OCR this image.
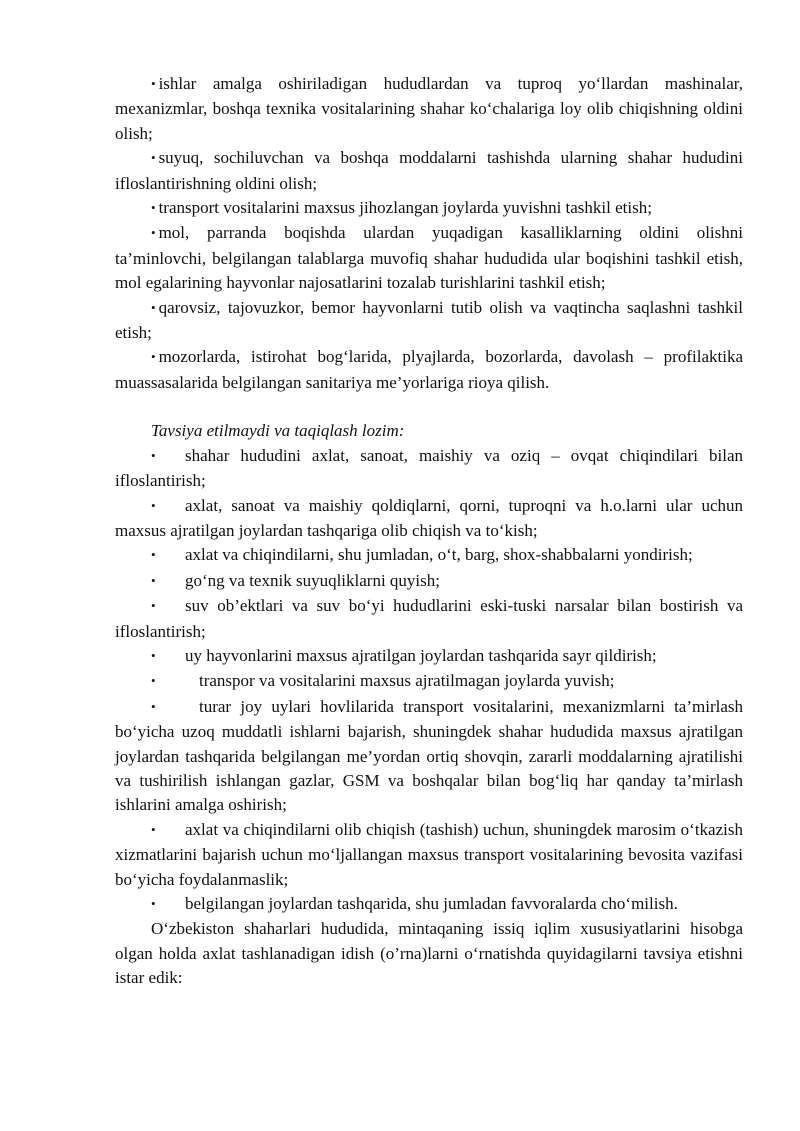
• ishlar amalga oshiriladigan hududlardan va tuproq yo‘llardan mashinalar, mexanizmlar, boshqa texnika vositalarining shahar ko‘chalariga loy olib chiqishning oldini olish;

• suyuq, sochiluvchan va boshqa moddalarni tashishda ularning shahar hududini ifloslantirishning oldini olish;

• transport vositalarini maxsus jihozlangan joylarda yuvishni tashkil etish;

• mol, parranda boqishda ulardan yuqadigan kasalliklarning oldini olishni ta’minlovchi, belgilangan talablarga muvofiq shahar hududida ular boqishini tashkil etish, mol egalarining hayvonlar najosatlarini tozalab turishlarini tashkil etish;

• qarovsiz, tajovuzkor, bemor hayvonlarni tutib olish va vaqtincha saqlashni tashkil etish;

• mozorlarda, istirohat bog‘larida, plyajlarda, bozorlarda, davolash – profilaktika muassasalarida belgilangan sanitariya me’yorlariga rioya qilish.

Tavsiya etilmaydi va taqiqlash lozim:

• shahar hududini axlat, sanoat, maishiy va oziq – ovqat chiqindilari bilan ifloslantirish;

• axlat, sanoat va maishiy qoldiqlarni, qorni, tuproqni va h.o.larni ular uchun maxsus ajratilgan joylardan tashqariga olib chiqish va to‘kish;

• axlat va chiqindilarni, shu jumladan, o‘t, barg, shox-shabbalarni yondirish;

• go‘ng va texnik suyuqliklarni quyish;

• suv ob’ektlari va suv bo‘yi hududlarini eski-tuski narsalar bilan bostirish va ifloslantirish;

• uy hayvonlarini maxsus ajratilgan joylardan tashqarida sayr qildirish;

•	transpor va vositalarini maxsus ajratilmagan joylarda yuvish;

•	turar joy uylari hovlilarida transport vositalarini, mexanizmlarni ta’mirlash bo‘yicha uzoq muddatli ishlarni bajarish, shuningdek shahar hududida maxsus ajratilgan joylardan tashqarida belgilangan me’yordan ortiq shovqin, zararli moddalarning ajratilishi va tushirilish ishlangan gazlar, GSM va boshqalar bilan bog‘liq har qanday ta’mirlash ishlarini amalga oshirish;

• axlat va chiqindilarni olib chiqish (tashish) uchun, shuningdek marosim o‘tkazish xizmatlarini bajarish uchun mo‘ljallangan maxsus transport vositalarining bevosita vazifasi bo‘yicha foydalanmaslik;

• belgilangan joylardan tashqarida, shu jumladan favvoralarda cho‘milish.

O‘zbekiston shaharlari hududida, mintaqaning issiq iqlim xususiyatlarini hisobga olgan holda axlat tashlanadigan idish (o’rna)larni o‘rnatishda quyidagilarni tavsiya etishni istar edik:
